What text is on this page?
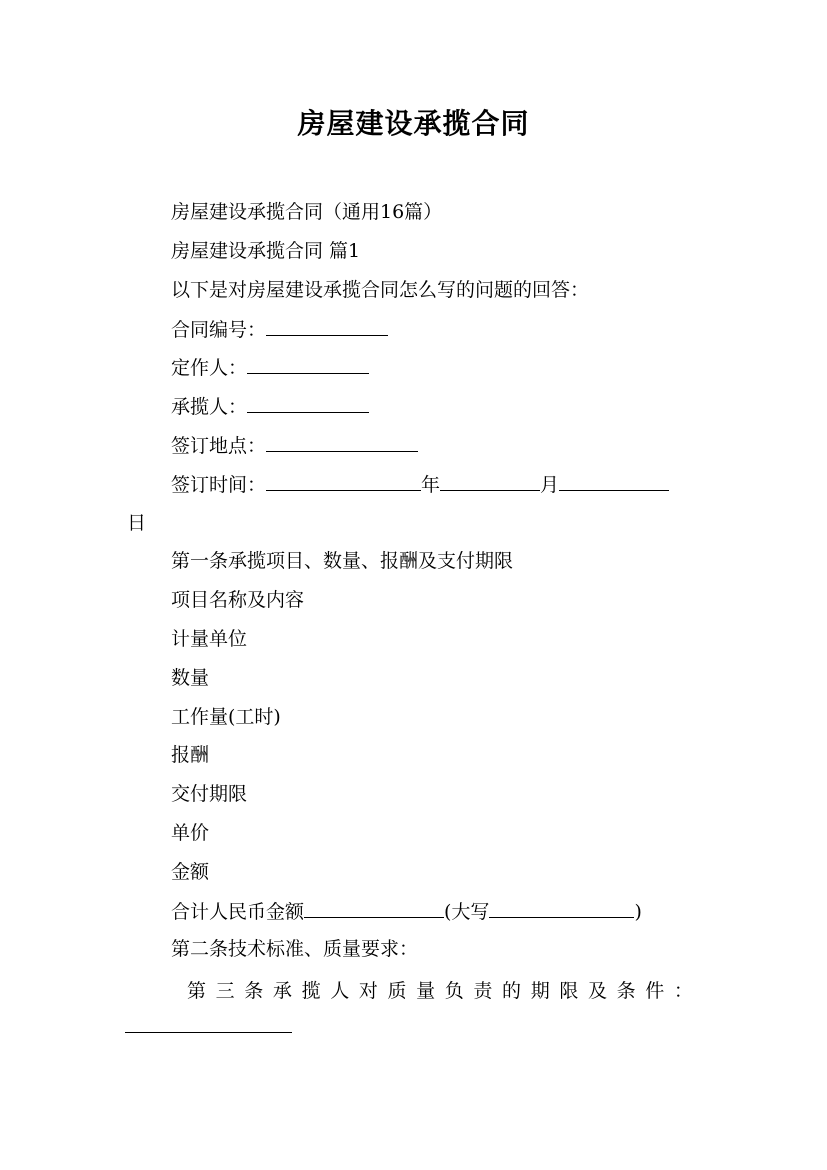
房屋建设承揽合同
房屋建设承揽合同（通用16篇）
房屋建设承揽合同 篇1
以下是对房屋建设承揽合同怎么写的问题的回答：
合同编号：
定作人：
承揽人：
签订地点：
签订时间：	年	月
日
第一条承揽项目、数量、报酬及支付期限
项目名称及内容
计量单位
数量
工作量(工时)
报酬
交付期限
单价
金额
合计人民币金额	(大写	)
第二条技术标准、质量要求：
第 三 条 承 揽 人 对 质 量 负 责 的 期 限 及 条 件 ：
